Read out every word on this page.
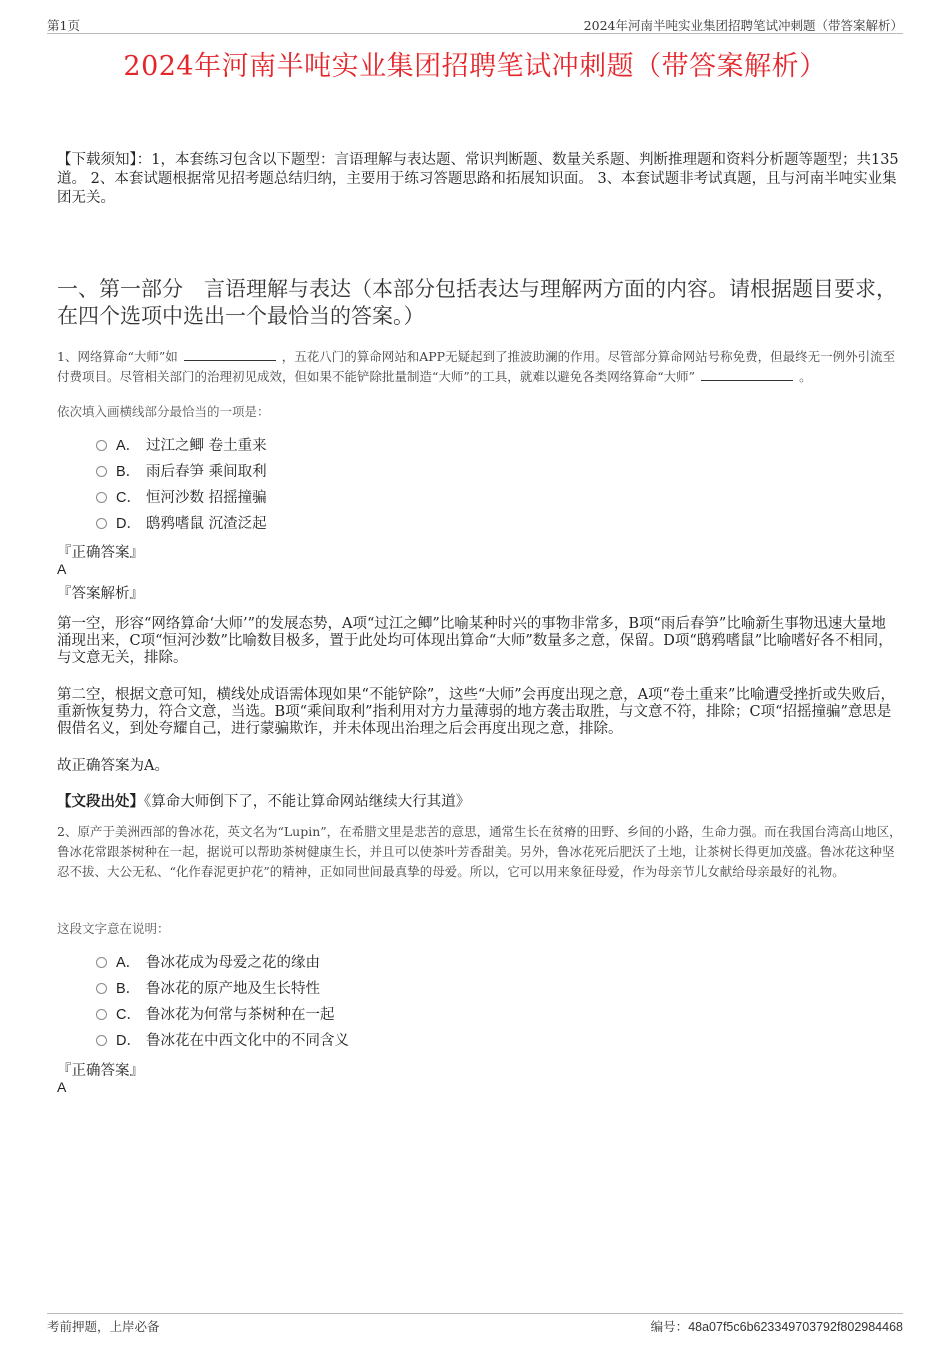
第1页	2024年河南半吨实业集团招聘笔试冲刺题（带答案解析）
2024年河南半吨实业集团招聘笔试冲刺题（带答案解析）
【下载须知】：1，本套练习包含以下题型：言语理解与表达题、常识判断题、数量关系题、判断推理题和资料分析题等题型；共135道。 2、本套试题根据常见招考题总结归纳，主要用于练习答题思路和拓展知识面。 3、本套试题非考试真题，且与河南半吨实业集团无关。
一、第一部分　言语理解与表达（本部分包括表达与理解两方面的内容。请根据题目要求，在四个选项中选出一个最恰当的答案。）
1、网络算命“大师”如	，五花八门的算命网站和APP无疑起到了推波助澜的作用。尽管部分算命网站号称免费，但最终无一例外引流至付费项目。尽管相关部门的治理初见成效，但如果不能铲除批量制造“大师”的工具，就难以避免各类网络算命“大师”	。
依次填入画横线部分最恰当的一项是：
A． 过江之鲫 卷土重来
B． 雨后春笋 乘间取利
C． 恒河沙数 招摇撞骗
D． 鸱鸦嗜鼠 沉渣泛起
『正确答案』
A
『答案解析』
第一空，形容“网络算命‘大师’”的发展态势，A项“过江之鲫”比喻某种时兴的事物非常多，B项“雨后春笋”比喻新生事物迅速大量地涌现出来，C项“恒河沙数”比喻数目极多，置于此处均可体现出算命“大师”数量多之意，保留。D项“鸱鸦嗜鼠”比喻嗜好各不相同，与文意无关，排除。
第二空，根据文意可知，横线处成语需体现如果“不能铲除”，这些“大师”会再度出现之意，A项“卷土重来”比喻遭受挫折或失败后，重新恢复势力，符合文意，当选。B项“乘间取利”指利用对方力量薄弱的地方袭击取胜，与文意不符，排除；C项“招摇撞骗”意思是假借名义，到处夸耀自己，进行蒙骗欺诈，并未体现出治理之后会再度出现之意，排除。
故正确答案为A。
【文段出处】《算命大师倒下了，不能让算命网站继续大行其道》
2、原产于美洲西部的鲁冰花，英文名为“Lupin”，在希腊文里是悲苦的意思，通常生长在贫瘠的田野、乡间的小路，生命力强。而在我国台湾高山地区，鲁冰花常跟茶树种在一起，据说可以帮助茶树健康生长，并且可以使茶叶芳香甜美。另外，鲁冰花死后肥沃了土地，让茶树长得更加茂盛。鲁冰花这种坚忍不拔、大公无私、“化作春泥更护花”的精神，正如同世间最真挚的母爱。所以，它可以用来象征母爱，作为母亲节儿女献给母亲最好的礼物。
这段文字意在说明：
A． 鲁冰花成为母爱之花的缘由
B． 鲁冰花的原产地及生长特性
C． 鲁冰花为何常与茶树种在一起
D． 鲁冰花在中西文化中的不同含义
『正确答案』
A
考前押题，上岸必备	编号：48a07f5c6b623349703792f802984468
